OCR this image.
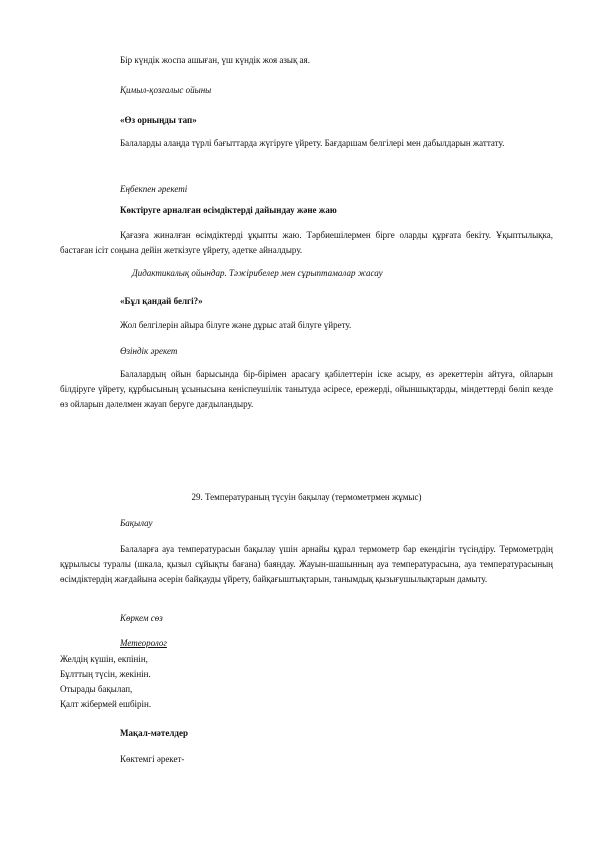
Бір күндік жоспа ашыған, үш күндік жоя азық ая.

Қимыл-қозғалыс ойыны

«Өз орныңды тап»

Балаларды алаңда түрлі бағыттарда жүгіруге үйрету. Бағдаршам белгілері мен дабылдарын жаттату.

Еңбекпен әрекеті

Көктіруге арналған өсімдіктерді дайындау және жаю

Қағазға жиналған өсімдіктерді ұқыпты жаю. Тәрбиешілермен бірге оларды құрғата бекіту. Ұқыптылықка, бастаған ісіт соңына дейін жеткізуге үйрету, әдетке айналдыру.

Дидактикалық ойындар. Тәжірибелер мен сұрыптамалар жасау

«Бұл қандай белгі?»

Жол белгілерін айыра білуге және дұрыс атай білуге үйрету.

Өзіндік әрекет

Балалардың ойын барысында бір-бірімен арасагу қабілеттерін іске асыру, өз әрекеттерін айтуға, ойларын білдіруге үйрету, құрбысының ұсынысына кеніспеушілік танытуда әсіресе, ережерді, ойыншықтарды, міндеттерді бөліп кезде өз ойларын дәлелмен жауап беруге дағдыландыру.

29. Температураның түсуін бақылау (термометрмен жұмыс)

Бақылау

Балаларға ауа температурасын бақылау үшін арнайы құрал термометр бар екендігін түсіндіру. Термометрдің құрылысы туралы (шкала, қызыл сұйықты бағана) баяндау. Жауын-шашынның ауа температурасына, ауа температурасының өсімдіктердің жағдайына әсерін байқауды үйрету, байқағыштықтарын, танымдық қызығушылықтарын дамыту.

Көркем сөз

Метеоролог

Желдің күшін, екпінін,
Бұлттың түсін, жекінін.
Отырады бақылап,
Қалт жібермей ешбірін.

Мақал-мәтелдер

Көктемгі әрекет-
